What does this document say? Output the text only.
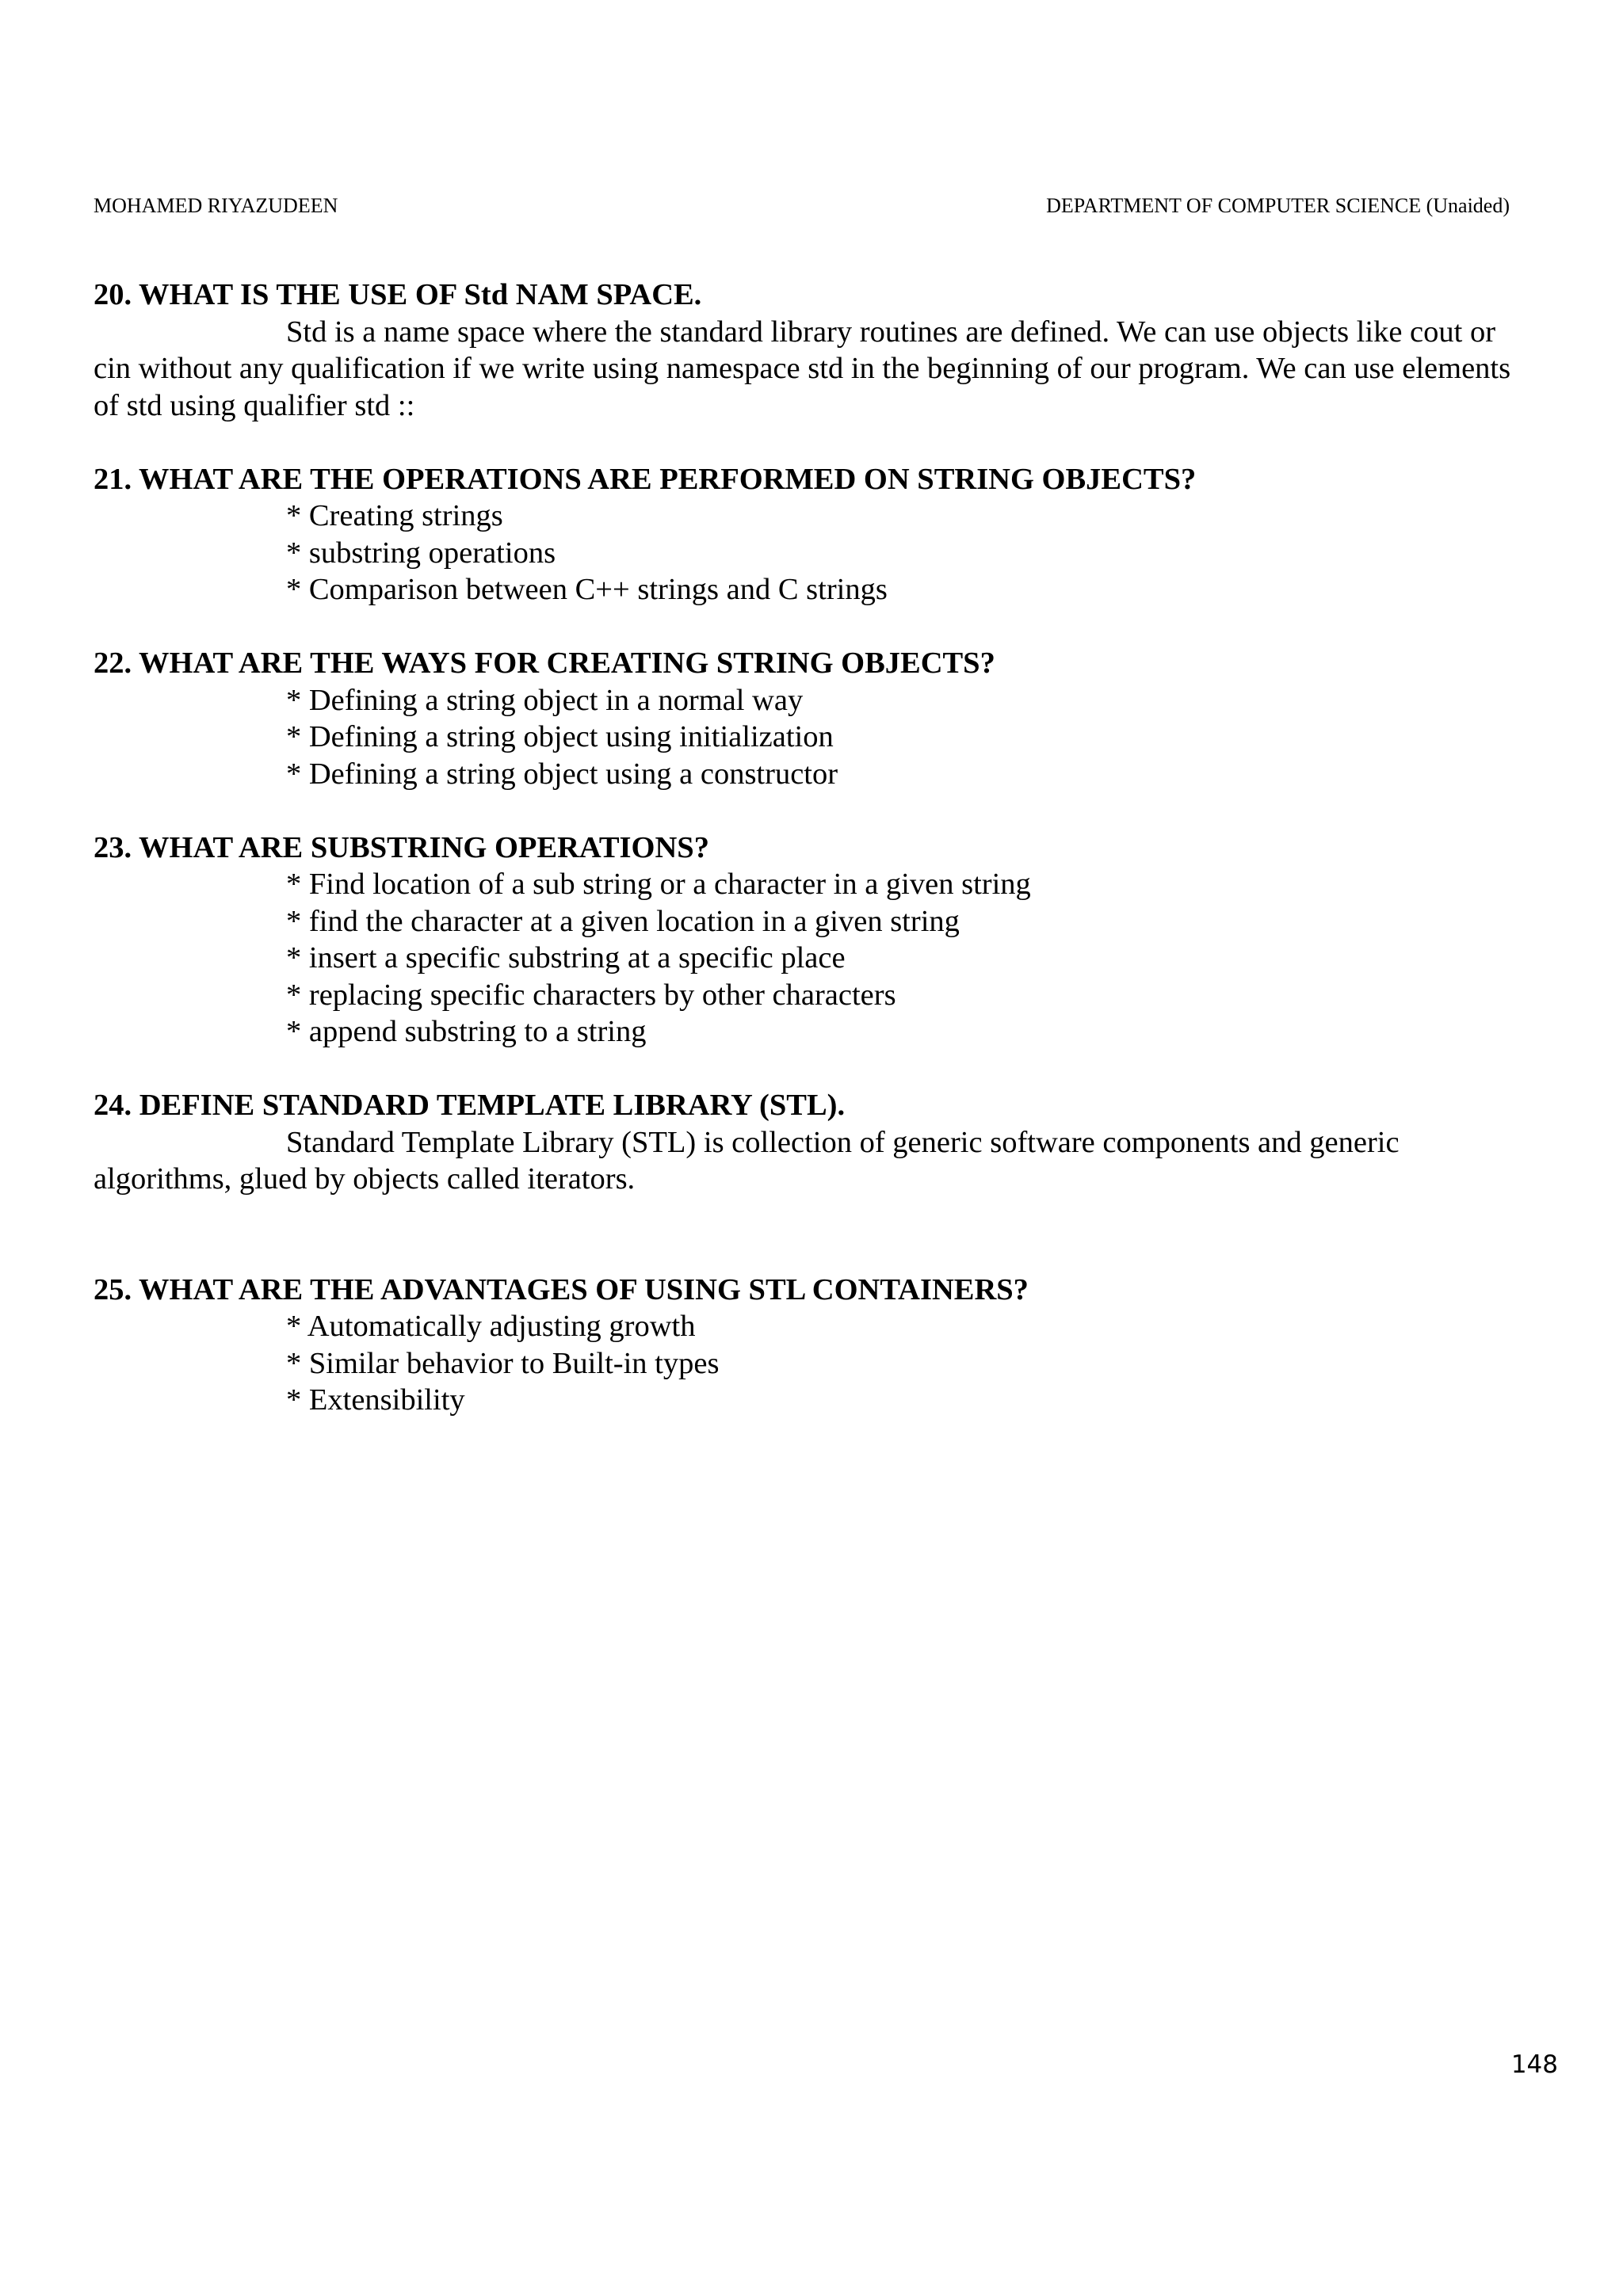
MOHAMED RIYAZUDEEN	DEPARTMENT OF COMPUTER SCIENCE (Unaided)

20. WHAT IS THE USE OF Std NAM SPACE.

Std is a name space where the standard library routines are defined. We can use objects like cout or cin without any qualification if we write using namespace std in the beginning of our program. We can use elements of std using qualifier std ::

21. WHAT ARE THE OPERATIONS ARE PERFORMED ON STRING OBJECTS?

* Creating strings

* substring operations

* Comparison between C++ strings and C strings

22. WHAT ARE THE WAYS FOR CREATING STRING OBJECTS?

* Defining a string object in a normal way

* Defining a string object using initialization

* Defining a string object using a constructor

23. WHAT ARE SUBSTRING OPERATIONS?

* Find location of a sub string or a character in a given string

* find the character at a given location in a given string

* insert a specific substring at a specific place

* replacing specific characters by other characters

* append substring to a string

24. DEFINE STANDARD TEMPLATE LIBRARY (STL).

Standard Template Library (STL) is collection of generic software components and generic algorithms, glued by objects called iterators.

25. WHAT ARE THE ADVANTAGES OF USING STL CONTAINERS?

* Automatically adjusting growth

* Similar behavior to Built-in types

* Extensibility

148
